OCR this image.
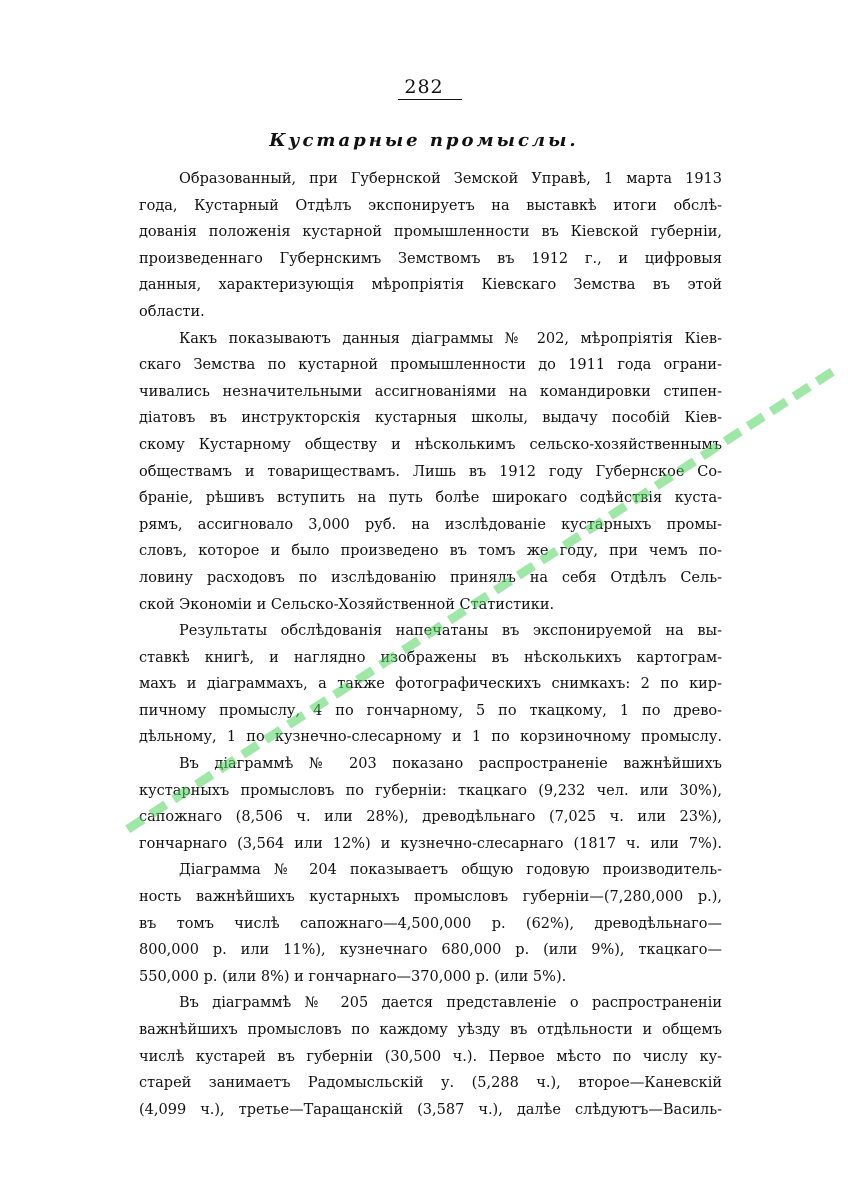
282
Кустарные промыслы.
Образованный, при Губернской Земской Управѣ, 1 марта 1913
года, Кустарный Отдѣлъ экспонируетъ на выставкѣ итоги обслѣ-
дованія положенія кустарной промышленности въ Кіевской губерніи,
произведеннаго Губернскимъ Земствомъ въ 1912 г., и цифровыя
данныя, характеризующія мѣропріятія Кіевскаго Земства въ этой
области.
Какъ показываютъ данныя діаграммы № 202, мѣропріятія Кіев-
скаго Земства по кустарной промышленности до 1911 года ограни-
чивались незначительными ассигнованіями на командировки стипен-
діатовъ въ инструкторскія кустарныя школы, выдачу пособій Кіев-
скому Кустарному обществу и нѣсколькимъ сельско-хозяйственнымъ
обществамъ и товариществамъ. Лишь въ 1912 году Губернское Со-
браніе, рѣшивъ вступить на путь болѣе широкаго содѣйствія куста-
рямъ, ассигновало 3,000 руб. на изслѣдованіе кустарныхъ промы-
словъ, которое и было произведено въ томъ же году, при чемъ по-
ловину расходовъ по изслѣдованію принялъ на себя Отдѣлъ Сель-
ской Экономіи и Сельско-Хозяйственной Статистики.
Результаты обслѣдованія напечатаны въ экспонируемой на вы-
ставкѣ книгѣ, и наглядно изображены въ нѣсколькихъ картограм-
махъ и діаграммахъ, а также фотографическихъ снимкахъ: 2 по кир-
пичному промыслу, 4 по гончарному, 5 по ткацкому, 1 по древо-
дѣльному, 1 по кузнечно-слесарному и 1 по корзиночному промыслу.
Въ діаграммѣ № 203 показано распространеніе важнѣйшихъ
кустарныхъ промысловъ по губерніи: ткацкаго (9,232 чел. или 30%),
сапожнаго (8,506 ч. или 28%), древодѣльнаго (7,025 ч. или 23%),
гончарнаго (3,564 или 12%) и кузнечно-слесарнаго (1817 ч. или 7%).
Діаграмма № 204 показываетъ общую годовую производитель-
ность важнѣйшихъ кустарныхъ промысловъ губерніи—(7,280,000 р.),
въ томъ числѣ сапожнаго—4,500,000 р. (62%), древодѣльнаго—
800,000 р. или 11%), кузнечнаго 680,000 р. (или 9%), ткацкаго—
550,000 р. (или 8%) и гончарнаго—370,000 р. (или 5%).
Въ діаграммѣ № 205 дается представленіе о распространеніи
важнѣйшихъ промысловъ по каждому уѣзду въ отдѣльности и общемъ
числѣ кустарей въ губерніи (30,500 ч.). Первое мѣсто по числу ку-
старей занимаетъ Радомысльскій у. (5,288 ч.), второе—Каневскій
(4,099 ч.), третье—Таращанскій (3,587 ч.), далѣе слѣдуютъ—Василь-
